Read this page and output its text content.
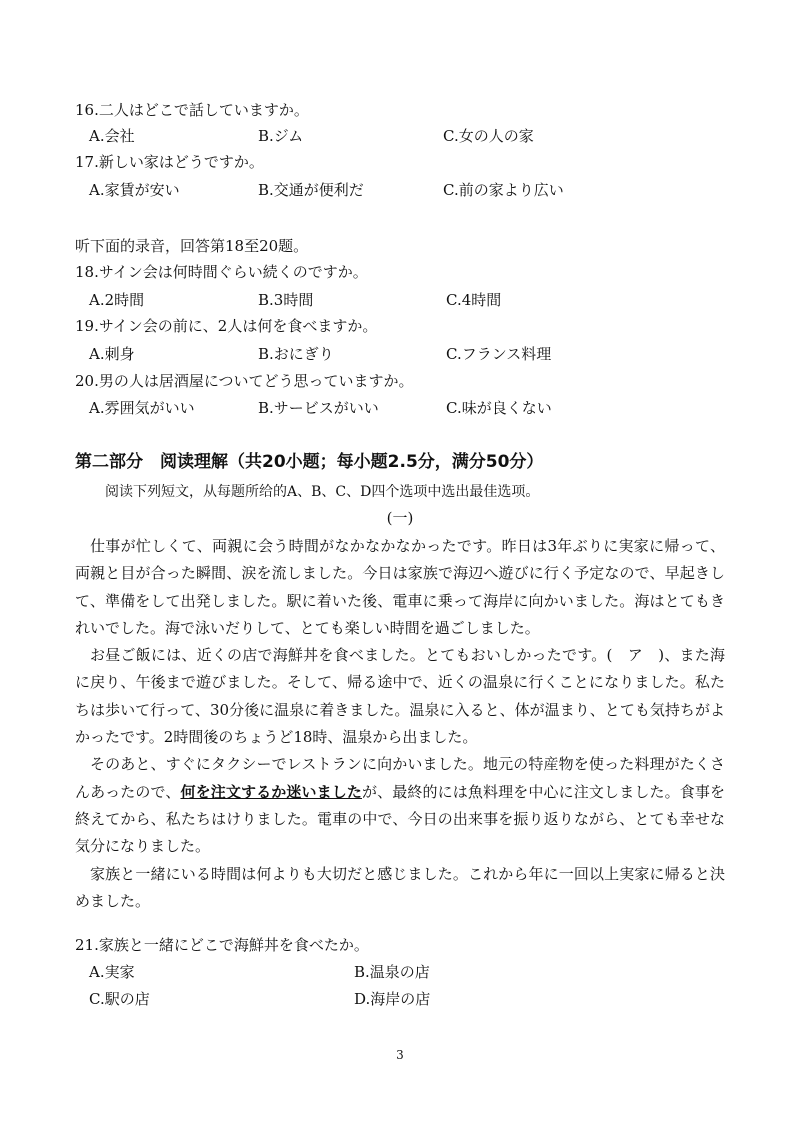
16.二人はどこで話していますか。
A.会社	B.ジム	C.女の人の家
17.新しい家はどうですか。
A.家賃が安い	B.交通が便利だ	C.前の家より広い
听下面的录音，回答第18至20题。
18.サイン会は何時間ぐらい続くのですか。
A.2時間	B.3時間	C.4時間
19.サイン会の前に、2人は何を食べますか。
A.刺身	B.おにぎり	C.フランス料理
20.男の人は居酒屋についてどう思っていますか。
A.雰囲気がいい	B.サービスがいい	C.味が良くない
第二部分　阅读理解（共20小题；每小题2.5分，满分50分）
阅读下列短文，从每题所给的A、B、C、D四个选项中选出最佳选项。
(一)

仕事が忙しくて、両親に会う時間がなかなかなかったです。昨日は3年ぶりに実家に帰って、両親と目が合った瞬間、涙を流しました。今日は家族で海辺へ遊びに行く予定なので、早起きして、準備をして出発しました。駅に着いた後、電車に乗って海岸に向かいました。海はとてもきれいでした。海で泳いだりして、とても楽しい時間を過ごしました。

お昼ご飯には、近くの店で海鮮丼を食べました。とてもおいしかったです。(　ア　)、また海に戻り、午後まで遊びました。そして、帰る途中で、近くの温泉に行くことになりました。私たちは歩いて行って、30分後に温泉に着きました。温泉に入ると、体が温まり、とても気持ちがよかったです。2時間後のちょうど18時、温泉から出ました。

そのあと、すぐにタクシーでレストランに向かいました。地元の特産物を使った料理がたくさんあったので、何を注文するか迷いましたが、最終的には魚料理を中心に注文しました。食事を終えてから、私たちはけりました。電車の中で、今日の出来事を振り返りながら、とても幸せな気分になりました。

家族と一緒にいる時間は何よりも大切だと感じました。これから年に一回以上実家に帰ると決めました。

21.家族と一緒にどこで海鮮丼を食べたか。
A.実家	B.温泉の店
C.駅の店	D.海岸の店
3
